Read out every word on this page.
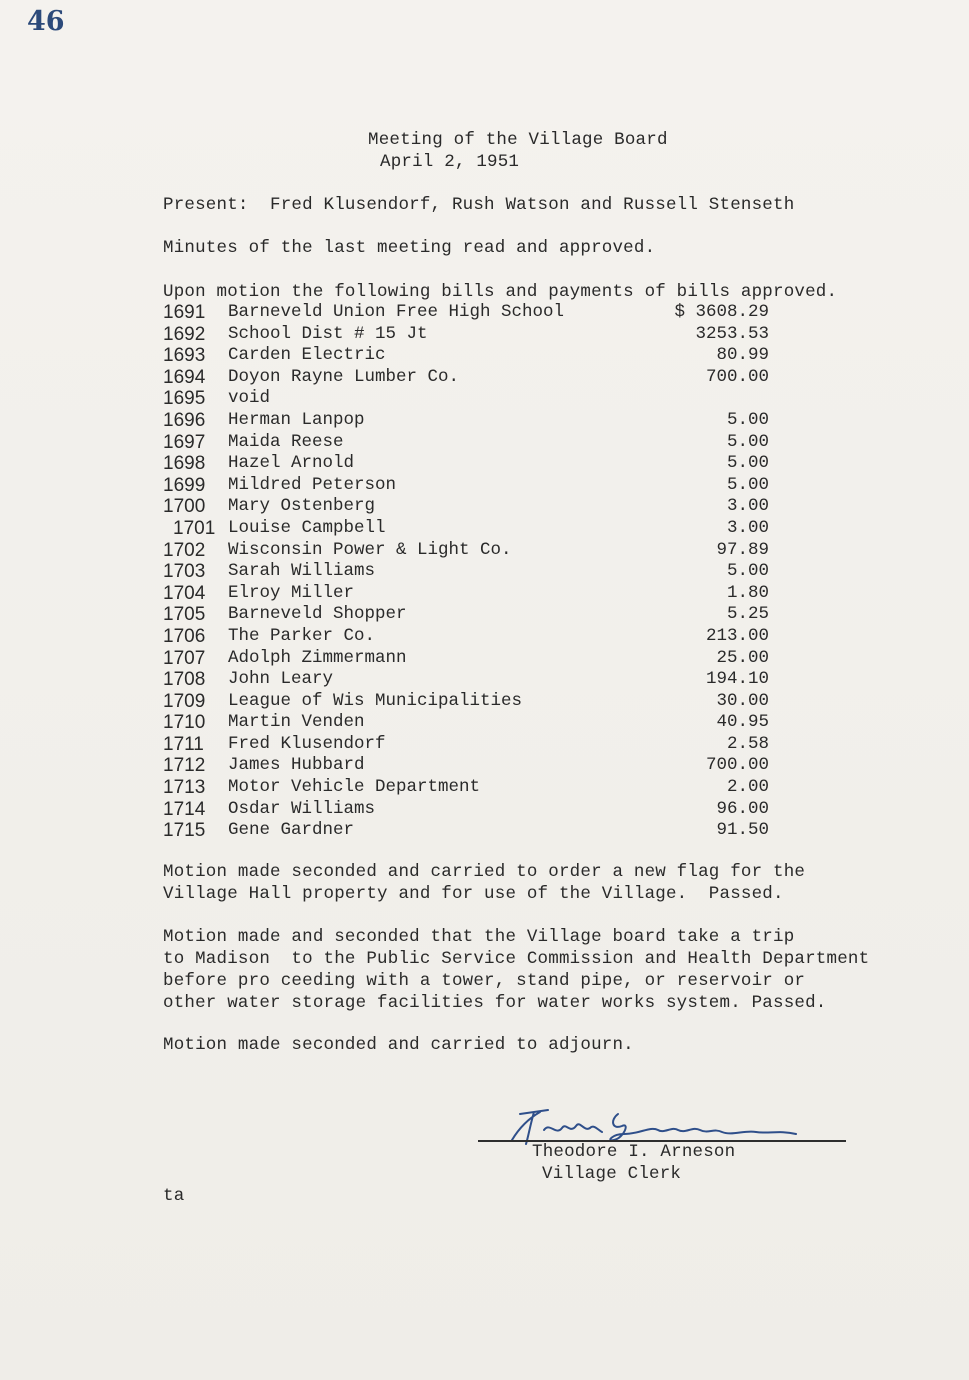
46
Meeting of the Village Board
April 2, 1951
Present:  Fred Klusendorf, Rush Watson and Russell Stenseth
Minutes of the last meeting read and approved.
Upon motion the following bills and payments of bills approved.
1691 Barneveld Union Free High School	$ 3608.29
1692 School Dist # 15 Jt	3253.53
1693 Carden Electric	80.99
1694 Doyon Rayne Lumber Co.	700.00
1695 void
1696 Herman Lanpop	5.00
1697 Maida Reese	5.00
1698 Hazel Arnold	5.00
1699 Mildred Peterson	5.00
1700 Mary Ostenberg	3.00
1701 Louise Campbell	3.00
1702 Wisconsin Power & Light Co.	97.89
1703 Sarah Williams	5.00
1704 Elroy Miller	1.80
1705 Barneveld Shopper	5.25
1706 The Parker Co.	213.00
1707 Adolph Zimmermann	25.00
1708 John Leary	194.10
1709 League of Wis Municipalities	30.00
1710 Martin Venden	40.95
1711 Fred Klusendorf	2.58
1712 James Hubbard	700.00
1713 Motor Vehicle Department	2.00
1714 Osdar Williams	96.00
1715 Gene Gardner	91.50
Motion made seconded and carried to order a new flag for the
Village Hall property and for use of the Village.  Passed.
Motion made and seconded that the Village board take a trip
to Madison  to the Public Service Commission and Health Department
before pro ceeding with a tower, stand pipe, or reservoir or
other water storage facilities for water works system. Passed.
Motion made seconded and carried to adjourn.
Theodore I. Arneson
Village Clerk
ta
